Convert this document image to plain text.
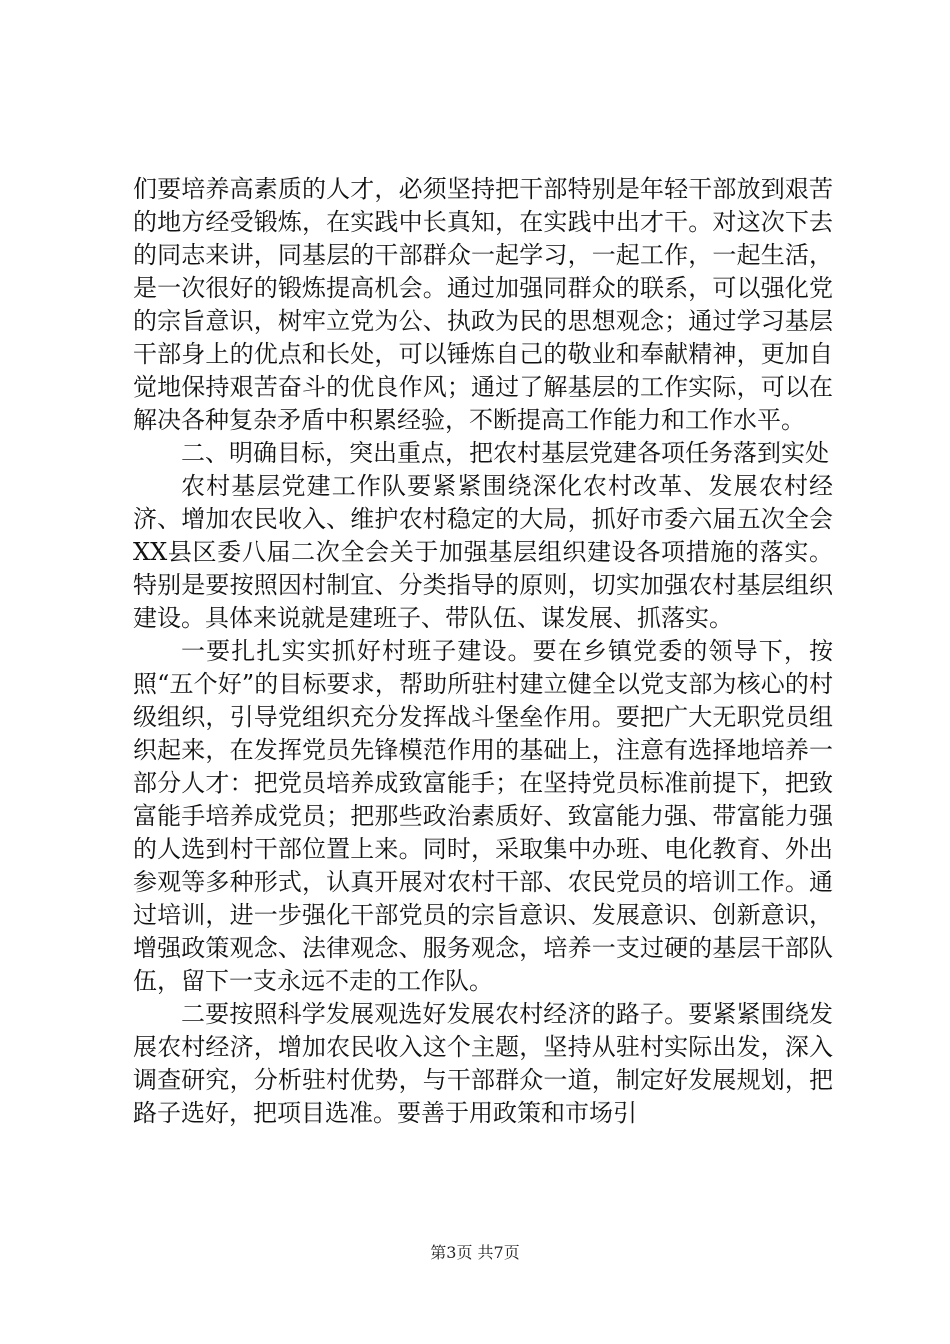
们要培养高素质的人才，必须坚持把干部特别是年轻干部放到艰苦的地方经受锻炼，在实践中长真知，在实践中出才干。对这次下去的同志来讲，同基层的干部群众一起学习，一起工作，一起生活，是一次很好的锻炼提高机会。通过加强同群众的联系，可以强化党的宗旨意识，树牢立党为公、执政为民的思想观念；通过学习基层干部身上的优点和长处，可以锤炼自己的敬业和奉献精神，更加自觉地保持艰苦奋斗的优良作风；通过了解基层的工作实际，可以在解决各种复杂矛盾中积累经验，不断提高工作能力和工作水平。

二、明确目标，突出重点，把农村基层党建各项任务落到实处

农村基层党建工作队要紧紧围绕深化农村改革、发展农村经济、增加农民收入、维护农村稳定的大局，抓好市委六届五次全会XX县区委八届二次全会关于加强基层组织建设各项措施的落实。特别是要按照因村制宜、分类指导的原则，切实加强农村基层组织建设。具体来说就是建班子、带队伍、谋发展、抓落实。

一要扎扎实实抓好村班子建设。要在乡镇党委的领导下，按照“五个好”的目标要求，帮助所驻村建立健全以党支部为核心的村级组织，引导党组织充分发挥战斗堡垒作用。要把广大无职党员组织起来，在发挥党员先锋模范作用的基础上，注意有选择地培养一部分人才：把党员培养成致富能手；在坚持党员标准前提下，把致富能手培养成党员；把那些政治素质好、致富能力强、带富能力强的人选到村干部位置上来。同时，采取集中办班、电化教育、外出参观等多种形式，认真开展对农村干部、农民党员的培训工作。通过培训，进一步强化干部党员的宗旨意识、发展意识、创新意识，增强政策观念、法律观念、服务观念，培养一支过硬的基层干部队伍，留下一支永远不走的工作队。

二要按照科学发展观选好发展农村经济的路子。要紧紧围绕发展农村经济，增加农民收入这个主题，坚持从驻村实际出发，深入调查研究，分析驻村优势，与干部群众一道，制定好发展规划，把路子选好，把项目选准。要善于用政策和市场引

第3页 共7页
